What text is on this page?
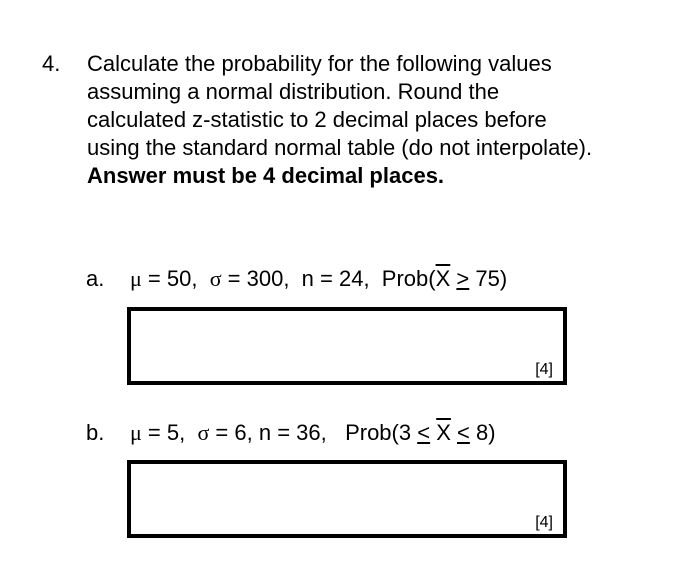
4. Calculate the probability for the following values
assuming a normal distribution. Round the
calculated z-statistic to 2 decimal places before
using the standard normal table (do not interpolate).
Answer must be 4 decimal places.
a. μ = 50,  σ = 300,  n = 24,  $Prob(\overline{X} > 75)$
[4]
b. μ = 5,  σ = 6, n = 36,   Prob(3 < $\overline{X} < 8$)
[4]
